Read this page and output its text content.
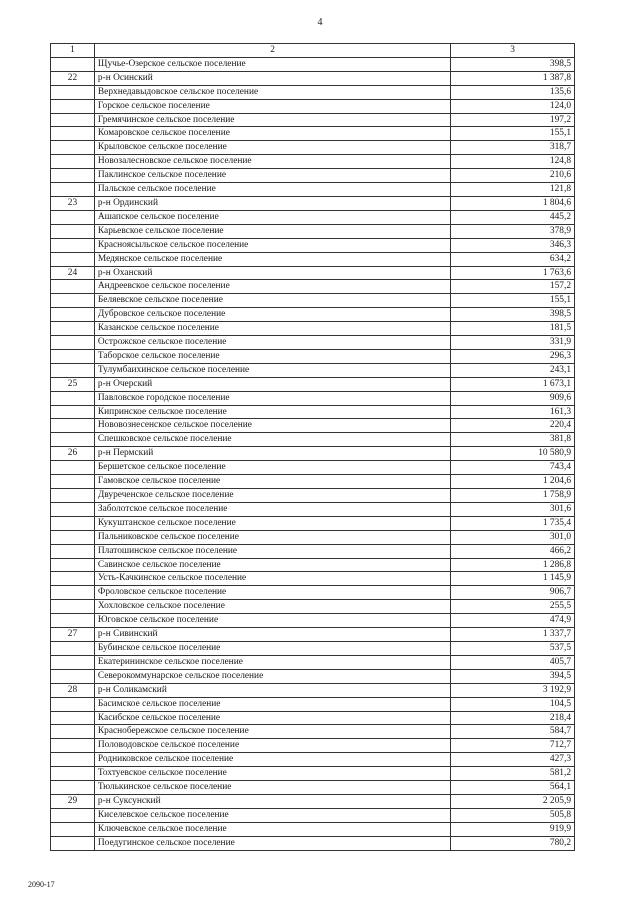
4
1	2	3
	Щучье-Озерское сельское поселение	398,5
22	р-н Осинский	1 387,8
	Верхнедавыдовское сельское поселение	135,6
	Горское сельское поселение	124,0
	Гремячинское сельское поселение	197,2
	Комаровское сельское поселение	155,1
	Крыловское сельское поселение	318,7
	Новозалесновское сельское поселение	124,8
	Паклинское сельское поселение	210,6
	Пальское сельское поселение	121,8
23	р-н Ординский	1 804,6
	Ашапское сельское поселение	445,2
	Карьевское сельское поселение	378,9
	Красноясыльское сельское поселение	346,3
	Медянское сельское поселение	634,2
24	р-н Оханский	1 763,6
	Андреевское сельское поселение	157,2
	Беляевское сельское поселение	155,1
	Дубровское сельское поселение	398,5
	Казанское сельское поселение	181,5
	Острожское сельское поселение	331,9
	Таборское сельское поселение	296,3
	Тулумбаихинское сельское поселение	243,1
25	р-н Очерский	1 673,1
	Павловское городское поселение	909,6
	Кипринское сельское поселение	161,3
	Нововознесенское сельское поселение	220,4
	Спешковское сельское поселение	381,8
26	р-н Пермский	10 580,9
	Бершетское сельское поселение	743,4
	Гамовское сельское поселение	1 204,6
	Двуреченское сельское поселение	1 758,9
	Заболотское сельское поселение	301,6
	Кукуштанское сельское поселение	1 735,4
	Пальниковское сельское поселение	301,0
	Платошинское сельское поселение	466,2
	Савинское сельское поселение	1 286,8
	Усть-Качкинское сельское поселение	1 145,9
	Фроловское сельское поселение	906,7
	Хохловское сельское поселение	255,5
	Юговское сельское поселение	474,9
27	р-н Сивинский	1 337,7
	Бубинское сельское поселение	537,5
	Екатерининское сельское поселение	405,7
	Северокоммунарское сельское поселение	394,5
28	р-н Соликамский	3 192,9
	Басимское сельское поселение	104,5
	Касибское сельское поселение	218,4
	Краснобережское сельское поселение	584,7
	Половодовское сельское поселение	712,7
	Родниковское сельское поселение	427,3
	Тохтуевское сельское поселение	581,2
	Тюлькинское сельское поселение	564,1
29	р-н Суксунский	2 205,9
	Киселевское сельское поселение	505,8
	Ключевское сельское поселение	919,9
	Поедугинское сельское поселение	780,2
2090-17
